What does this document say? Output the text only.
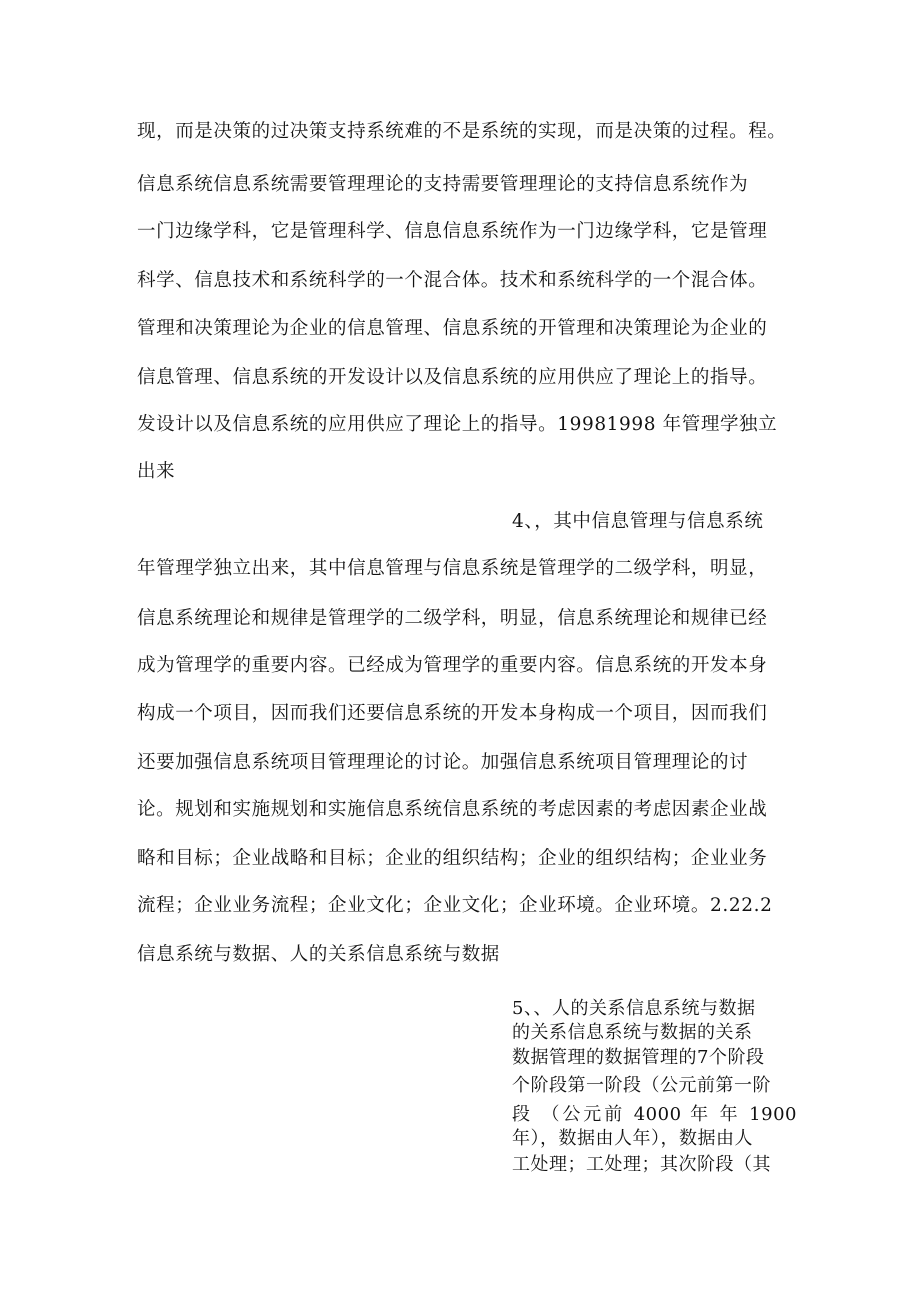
现，而是决策的过决策支持系统难的不是系统的实现，而是决策的过程。程。
信息系统信息系统需要管理理论的支持需要管理理论的支持信息系统作为
一门边缘学科，它是管理科学、信息信息系统作为一门边缘学科，它是管理
科学、信息技术和系统科学的一个混合体。技术和系统科学的一个混合体。
管理和决策理论为企业的信息管理、信息系统的开管理和决策理论为企业的
信息管理、信息系统的开发设计以及信息系统的应用供应了理论上的指导。
发设计以及信息系统的应用供应了理论上的指导。19981998 年管理学独立
出来
4、，其中信息管理与信息系统
年管理学独立出来，其中信息管理与信息系统是管理学的二级学科，明显，
信息系统理论和规律是管理学的二级学科，明显，信息系统理论和规律已经
成为管理学的重要内容。已经成为管理学的重要内容。信息系统的开发本身
构成一个项目，因而我们还要信息系统的开发本身构成一个项目，因而我们
还要加强信息系统项目管理理论的讨论。加强信息系统项目管理理论的讨
论。规划和实施规划和实施信息系统信息系统的考虑因素的考虑因素企业战
略和目标；企业战略和目标；企业的组织结构；企业的组织结构；企业业务
流程；企业业务流程；企业文化；企业文化；企业环境。企业环境。2.22.2
信息系统与数据、人的关系信息系统与数据
5、、人的关系信息系统与数据
的关系信息系统与数据的关系
数据管理的数据管理的7个阶段
个阶段第一阶段（公元前第一阶
段 （公元前 4000 年 年 1900
年），数据由人年），数据由人
工处理；工处理；其次阶段（其
